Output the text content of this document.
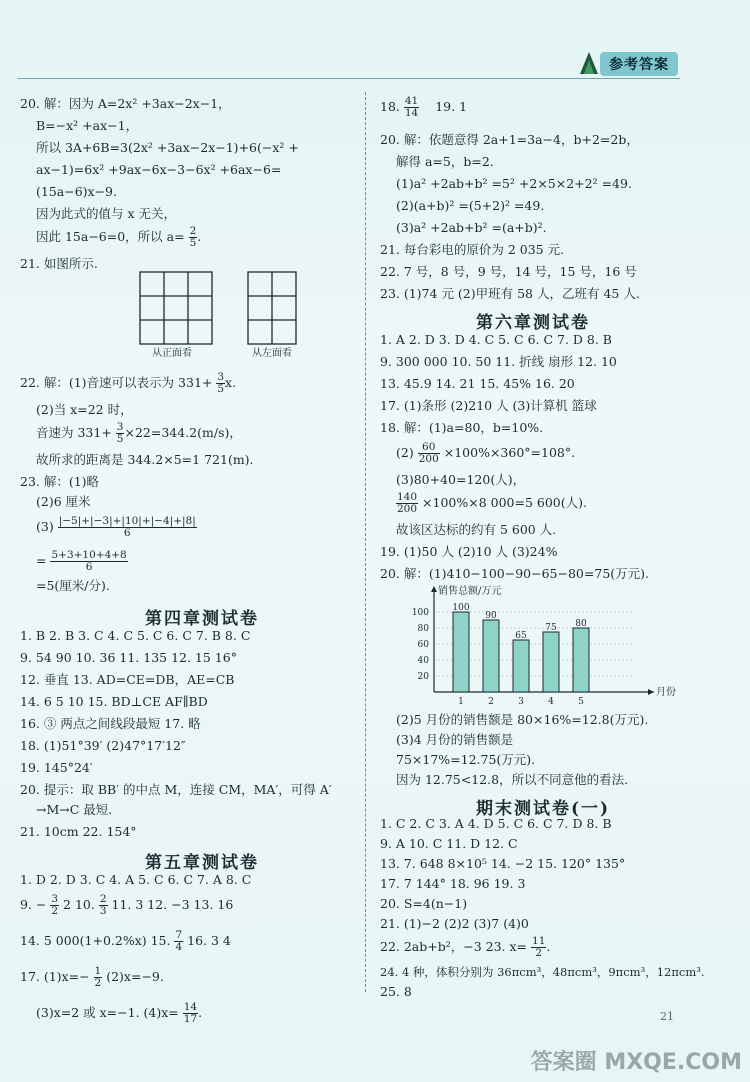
参考答案
20. 解：因为 A=2x² +3ax−2x−1，
B=−x² +ax−1，
所以 3A+6B=3(2x² +3ax−2x−1)+6(−x² +
ax−1)=6x² +9ax−6x−3−6x² +6ax−6=
(15a−6)x−9.
因为此式的值与 x 无关，
因此 15a−6=0，所以 $a= \frac{2}{5}$ .
21. 如图所示.
从正面看	从左面看
22. 解：(1)音速可以表示为 $331+ \frac{3}{5} x$.
(2)当 x=22 时，
音速为 $331+ \frac{3}{5} \times 22=344.2(m/s)$，
故所求的距离是 344.2×5=1 721(m).
23. 解：(1)略
(2)6 厘米
$(3) \frac{|-5|+|-3|+|10|+|-4|+|8|}{6}$
= $\frac{5+3+10+4+8}{6}$
=5(厘米/分).
第四章测试卷
1. B 2. B 3. C 4. C 5. C 6. C 7. B 8. C
9. 54 90 10. 36 11. 135 12. 15 16°
12. 垂直 13. AD=CE=DB，AE=CB
14. 6 5 10 15. BD⊥CE AF∥BD
16. ③ 两点之间线段最短 17. 略
18. (1)51°39′ (2)47°17′12″
19. 145°24′
20. 提示：取 BB′ 的中点 M，连接 CM，MA′，可得 A′
→M→C 最短.
21. 10cm 22. 154°
第五章测试卷
1. D 2. D 3. C 4. A 5. C 6. C 7. A 8. C
9. − $\frac{3}{2} 2$ 10. $\frac{2}{3} 11$. 3 12. −3 13. 16
14. 5 000(1+0.2%x) 15. $\frac{7}{4} 16$. 3 4
17. $(1)x=- \frac{1}{2} (2)x=-9$.
(3)x=2 或 x=−1. $(4)x= \frac{14}{17}$ .
18. $\frac{41}{14} 19$. 1
20. 解：依题意得 2a+1=3a−4，b+2=2b，
解得 a=5，b=2.
(1)a² +2ab+b² =5² +2×5×2+2² =49.
(2)(a+b)² =(5+2)² =49.
(3)a² +2ab+b² =(a+b)².
21. 每台彩电的原价为 2 035 元.
22. 7 号，8 号，9 号，14 号，15 号，16 号
23. (1)74 元 (2)甲班有 58 人，乙班有 45 人.
第六章测试卷
1. A 2. D 3. D 4. C 5. C 6. C 7. D 8. B
9. 300 000 10. 50 11. 折线 扇形 12. 10
13. 45.9 14. 21 15. 45% 16. 20
17. (1)条形 (2)210 人 (3)计算机 篮球
18. 解：(1)a=80，b=10%.
$(2) \frac{60}{200} \times 100\%\times 360^\circ=108^\circ$.
(3)80+40=120(人)，
$\frac{140}{200} \times 100\%\times 8$ 000=5 600(人).
故该区达标的约有 5 600 人.
19. (1)50 人 (2)10 人 (3)24%
20. 解：(1)410−100−90−65−80=75(万元).
20
40
60
80
100
销售总额/万元
月份
100
1
90
2
65
3
75
4
80
5
(2)5 月份的销售额是 80×16%=12.8(万元).
(3)4 月份的销售额是
75×17%=12.75(万元).
因为 12.75<12.8，所以不同意他的看法.
期末测试卷(一)
1. C 2. C 3. A 4. D 5. C 6. C 7. D 8. B
9. A 10. C 11. D 12. C
13. 7. 648 8×10⁵ 14. −2 15. 120° 135°
17. 7 144° 18. 96 19. 3
20. S=4(n−1)
21. (1)−2 (2)2 (3)7 (4)0
22. 2ab+b²，−3 23. $x= \frac{11}{2}$ .
24. 4 种，体积分别为 36πcm³，48πcm³，9πcm³，12πcm³.
25. 8
21
答案圈 MXQE.COM
